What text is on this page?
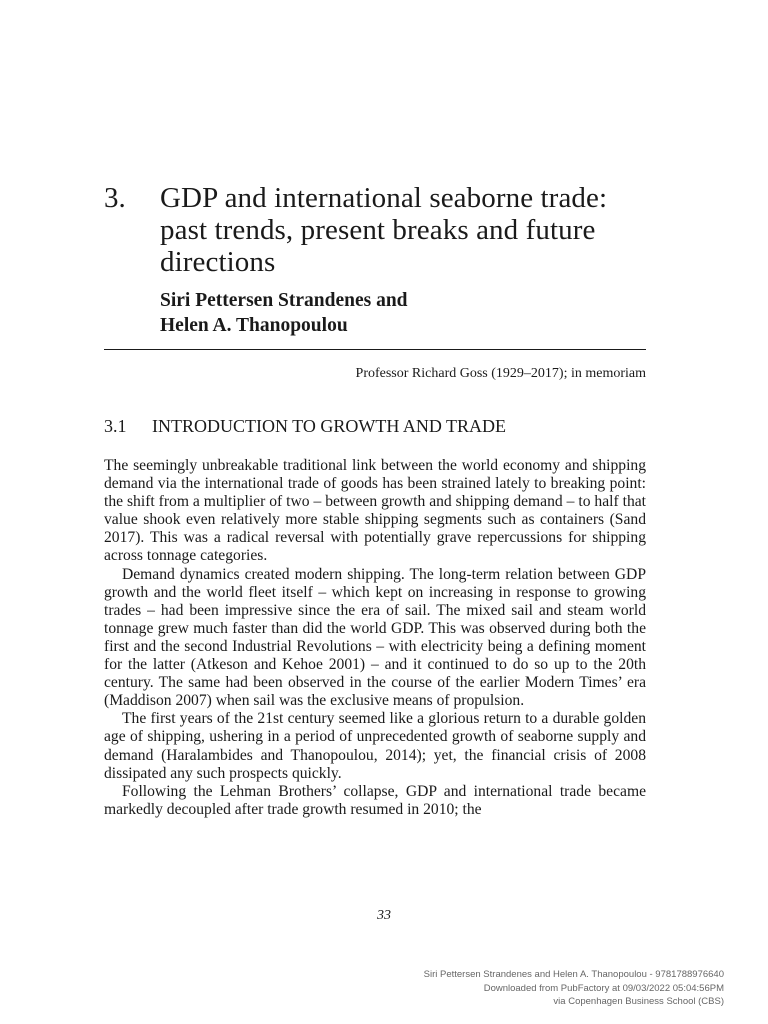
3.	GDP and international seaborne trade: past trends, present breaks and future directions
Siri Pettersen Strandenes and
Helen A. Thanopoulou
Professor Richard Goss (1929–2017); in memoriam
3.1 INTRODUCTION TO GROWTH AND TRADE

The seemingly unbreakable traditional link between the world economy and shipping demand via the international trade of goods has been strained lately to breaking point: the shift from a multiplier of two – between growth and shipping demand – to half that value shook even relatively more stable shipping segments such as containers (Sand 2017). This was a radical reversal with potentially grave repercussions for shipping across tonnage categories.

Demand dynamics created modern shipping. The long-term relation between GDP growth and the world fleet itself – which kept on increasing in response to growing trades – had been impressive since the era of sail. The mixed sail and steam world tonnage grew much faster than did the world GDP. This was observed during both the first and the second Industrial Revolutions – with electricity being a defining moment for the latter (Atkeson and Kehoe 2001) – and it continued to do so up to the 20th century. The same had been observed in the course of the earlier Modern Times’ era (Maddison 2007) when sail was the exclusive means of propulsion.

The first years of the 21st century seemed like a glorious return to a durable golden age of shipping, ushering in a period of unprecedented growth of seaborne supply and demand (Haralambides and Thanopoulou, 2014); yet, the financial crisis of 2008 dissipated any such prospects quickly.

Following the Lehman Brothers’ collapse, GDP and international trade became markedly decoupled after trade growth resumed in 2010; the

33
Siri Pettersen Strandenes and Helen A. Thanopoulou - 9781788976640
Downloaded from PubFactory at 09/03/2022 05:04:56PM
via Copenhagen Business School (CBS)
